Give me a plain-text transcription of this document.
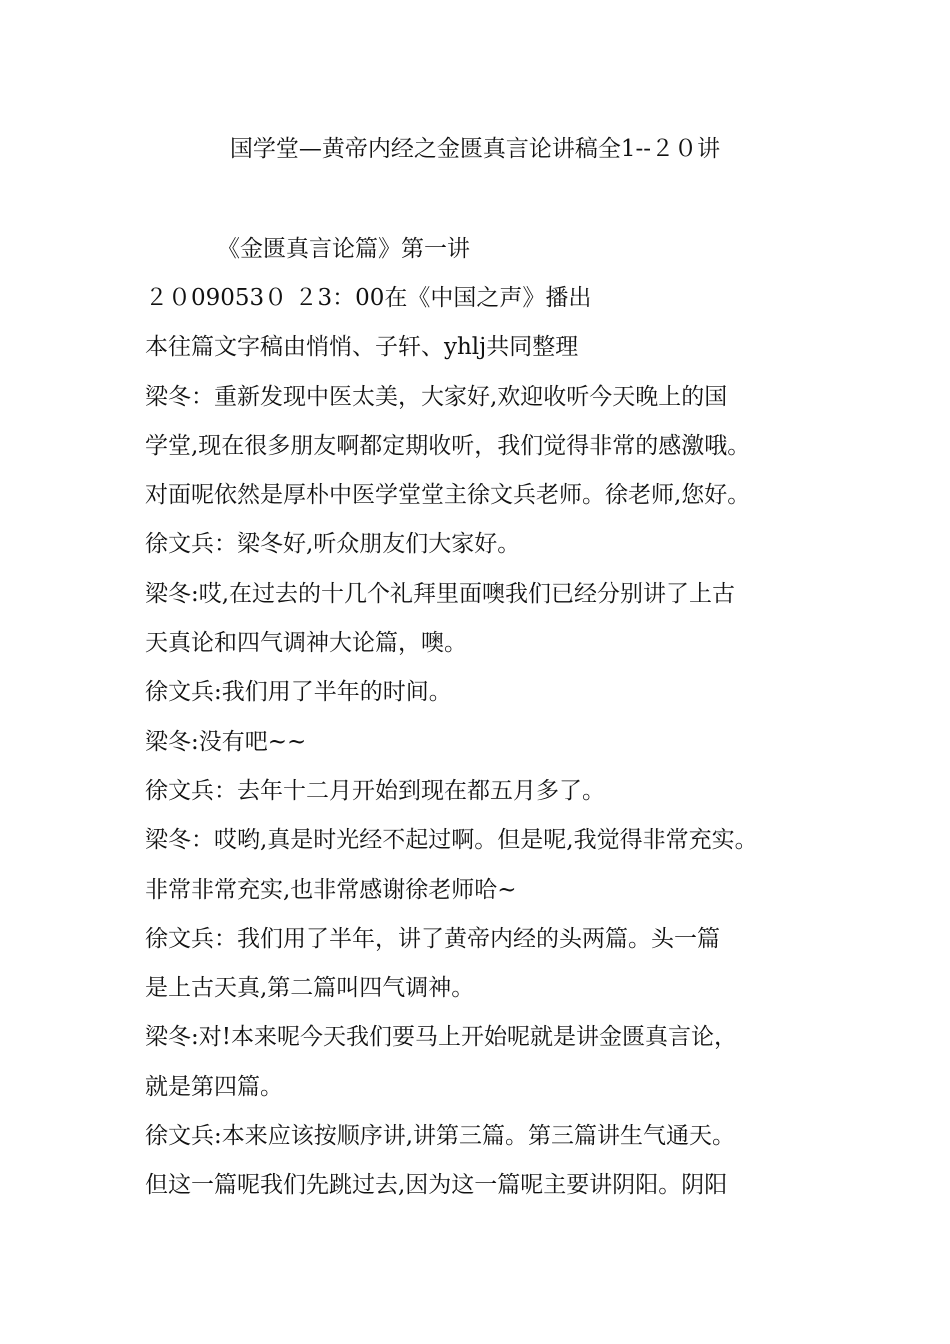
国学堂—黄帝内经之金匮真言论讲稿全1--２０讲
《金匮真言论篇》第一讲
２０09053０ ２3：00在《中国之声》播出
本往篇文字稿由悄悄、子轩、yhlj共同整理
梁冬：重新发现中医太美，大家好,欢迎收听今天晚上的国
学堂,现在很多朋友啊都定期收听，我们觉得非常的感激哦。
对面呢依然是厚朴中医学堂堂主徐文兵老师。徐老师,您好。
徐文兵：梁冬好,听众朋友们大家好。
梁冬:哎,在过去的十几个礼拜里面噢我们已经分别讲了上古
天真论和四气调神大论篇，噢。
徐文兵:我们用了半年的时间。
梁冬:没有吧~~
徐文兵：去年十二月开始到现在都五月多了。
梁冬：哎哟,真是时光经不起过啊。但是呢,我觉得非常充实。
非常非常充实,也非常感谢徐老师哈~
徐文兵：我们用了半年，讲了黄帝内经的头两篇。头一篇
是上古天真,第二篇叫四气调神。
梁冬:对!本来呢今天我们要马上开始呢就是讲金匮真言论，
就是第四篇。
徐文兵:本来应该按顺序讲,讲第三篇。第三篇讲生气通天。
但这一篇呢我们先跳过去,因为这一篇呢主要讲阴阳。阴阳
